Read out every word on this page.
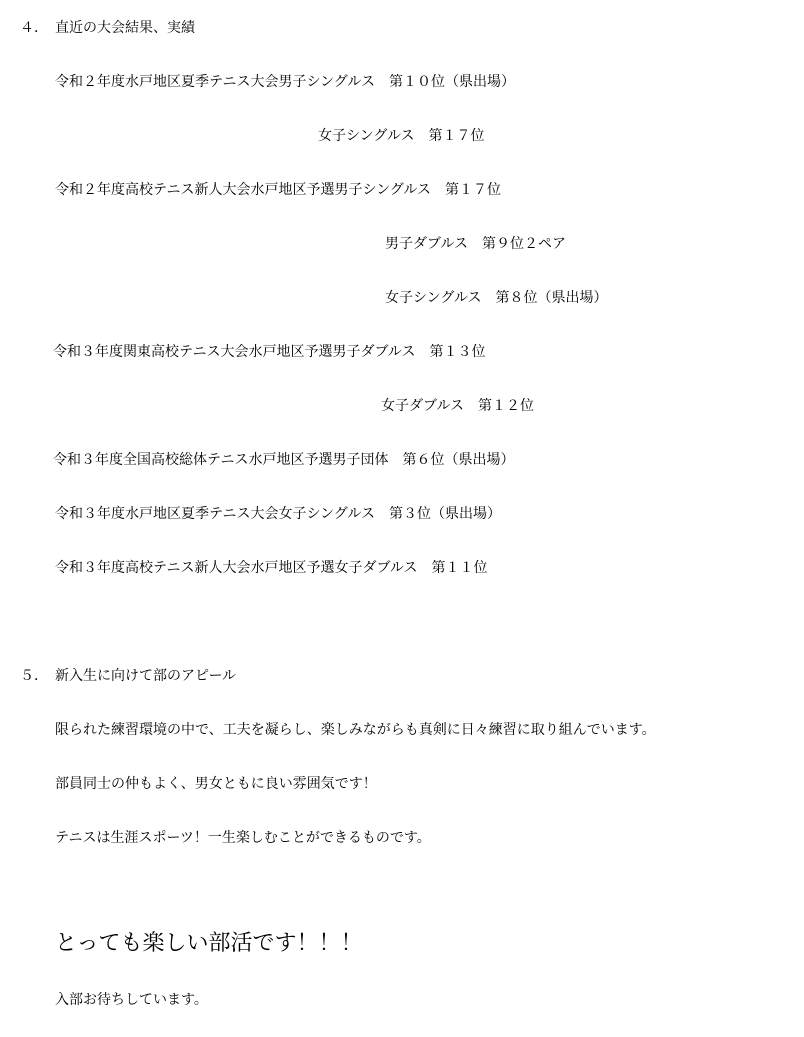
４． 直近の大会結果、実績
令和２年度水戸地区夏季テニス大会男子シングルス　第１０位（県出場）
女子シングルス　第１７位
令和２年度高校テニス新人大会水戸地区予選男子シングルス　第１７位
男子ダブルス　第９位２ペア
女子シングルス　第８位（県出場）
令和３年度関東高校テニス大会水戸地区予選男子ダブルス　第１３位
女子ダブルス　第１２位
令和３年度全国高校総体テニス水戸地区予選男子団体　第６位（県出場）
令和３年度水戸地区夏季テニス大会女子シングルス　第３位（県出場）
令和３年度高校テニス新人大会水戸地区予選女子ダブルス　第１１位
５． 新入生に向けて部のアピール
限られた練習環境の中で、工夫を凝らし、楽しみながらも真剣に日々練習に取り組んでいます。
部員同士の仲もよく、男女ともに良い雰囲気です！
テニスは生涯スポーツ！一生楽しむことができるものです。
とっても楽しい部活です！！！
入部お待ちしています。
